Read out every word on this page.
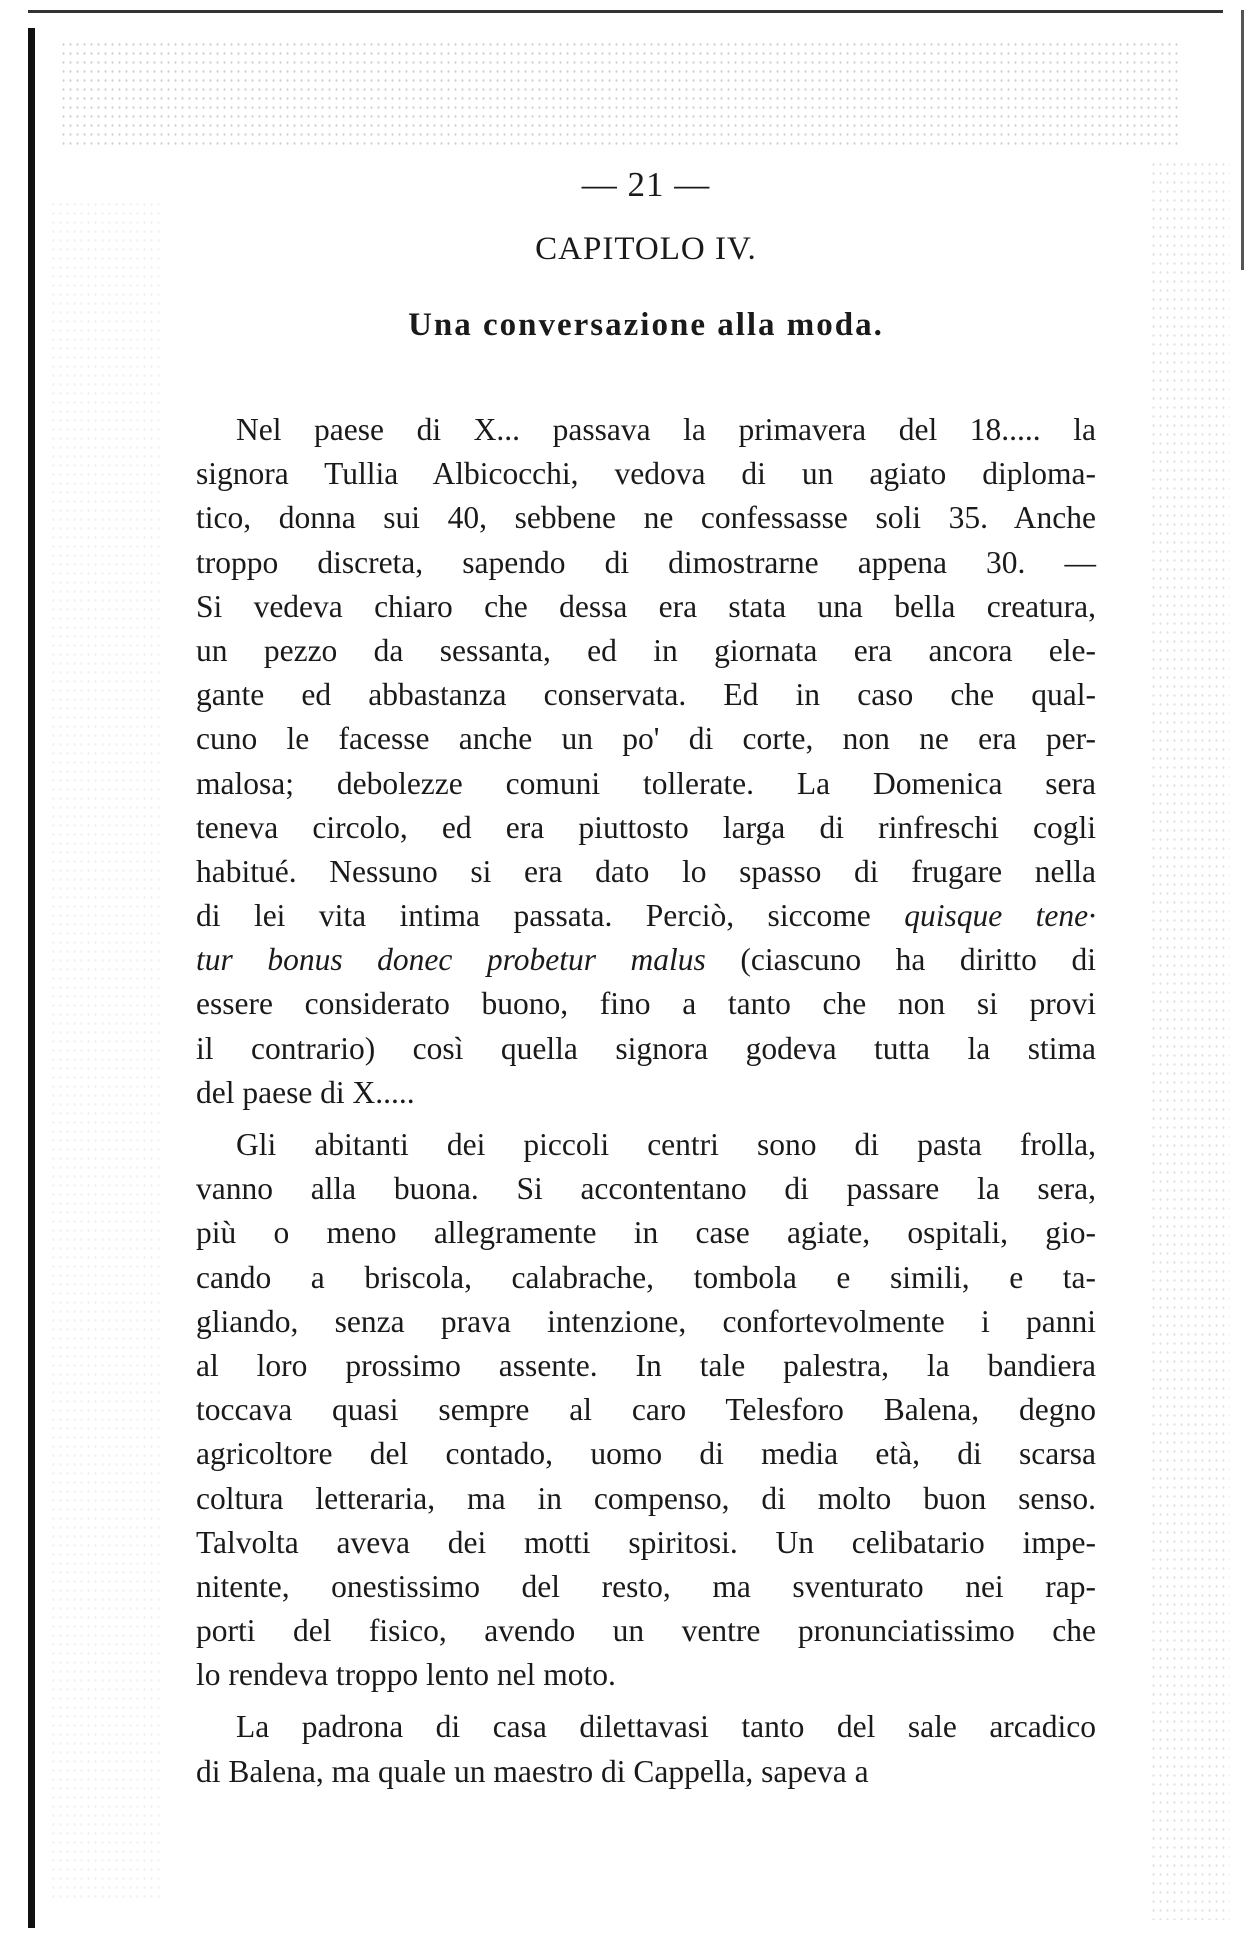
— 21 —
CAPITOLO IV.
Una conversazione alla moda.
Nel paese di X... passava la primavera del 18..... la
signora Tullia Albicocchi, vedova di un agiato diploma-
tico, donna sui 40, sebbene ne confessasse soli 35. Anche
troppo discreta, sapendo di dimostrarne appena 30. —
Si vedeva chiaro che dessa era stata una bella creatura,
un pezzo da sessanta, ed in giornata era ancora ele-
gante ed abbastanza conservata. Ed in caso che qual-
cuno le facesse anche un po' di corte, non ne era per-
malosa; debolezze comuni tollerate. La Domenica sera
teneva circolo, ed era piuttosto larga di rinfreschi cogli
habitué. Nessuno si era dato lo spasso di frugare nella
di lei vita intima passata. Perciò, siccome quisque tene·
tur bonus donec probetur malus (ciascuno ha diritto di
essere considerato buono, fino a tanto che non si provi
il contrario) così quella signora godeva tutta la stima
del paese di X.....
Gli abitanti dei piccoli centri sono di pasta frolla,
vanno alla buona. Si accontentano di passare la sera,
più o meno allegramente in case agiate, ospitali, gio-
cando a briscola, calabrache, tombola e simili, e ta-
gliando, senza prava intenzione, confortevolmente i panni
al loro prossimo assente. In tale palestra, la bandiera
toccava quasi sempre al caro Telesforo Balena, degno
agricoltore del contado, uomo di media età, di scarsa
coltura letteraria, ma in compenso, di molto buon senso.
Talvolta aveva dei motti spiritosi. Un celibatario impe-
nitente, onestissimo del resto, ma sventurato nei rap-
porti del fisico, avendo un ventre pronunciatissimo che
lo rendeva troppo lento nel moto.
La padrona di casa dilettavasi tanto del sale arcadico
di Balena, ma quale un maestro di Cappella, sapeva a
